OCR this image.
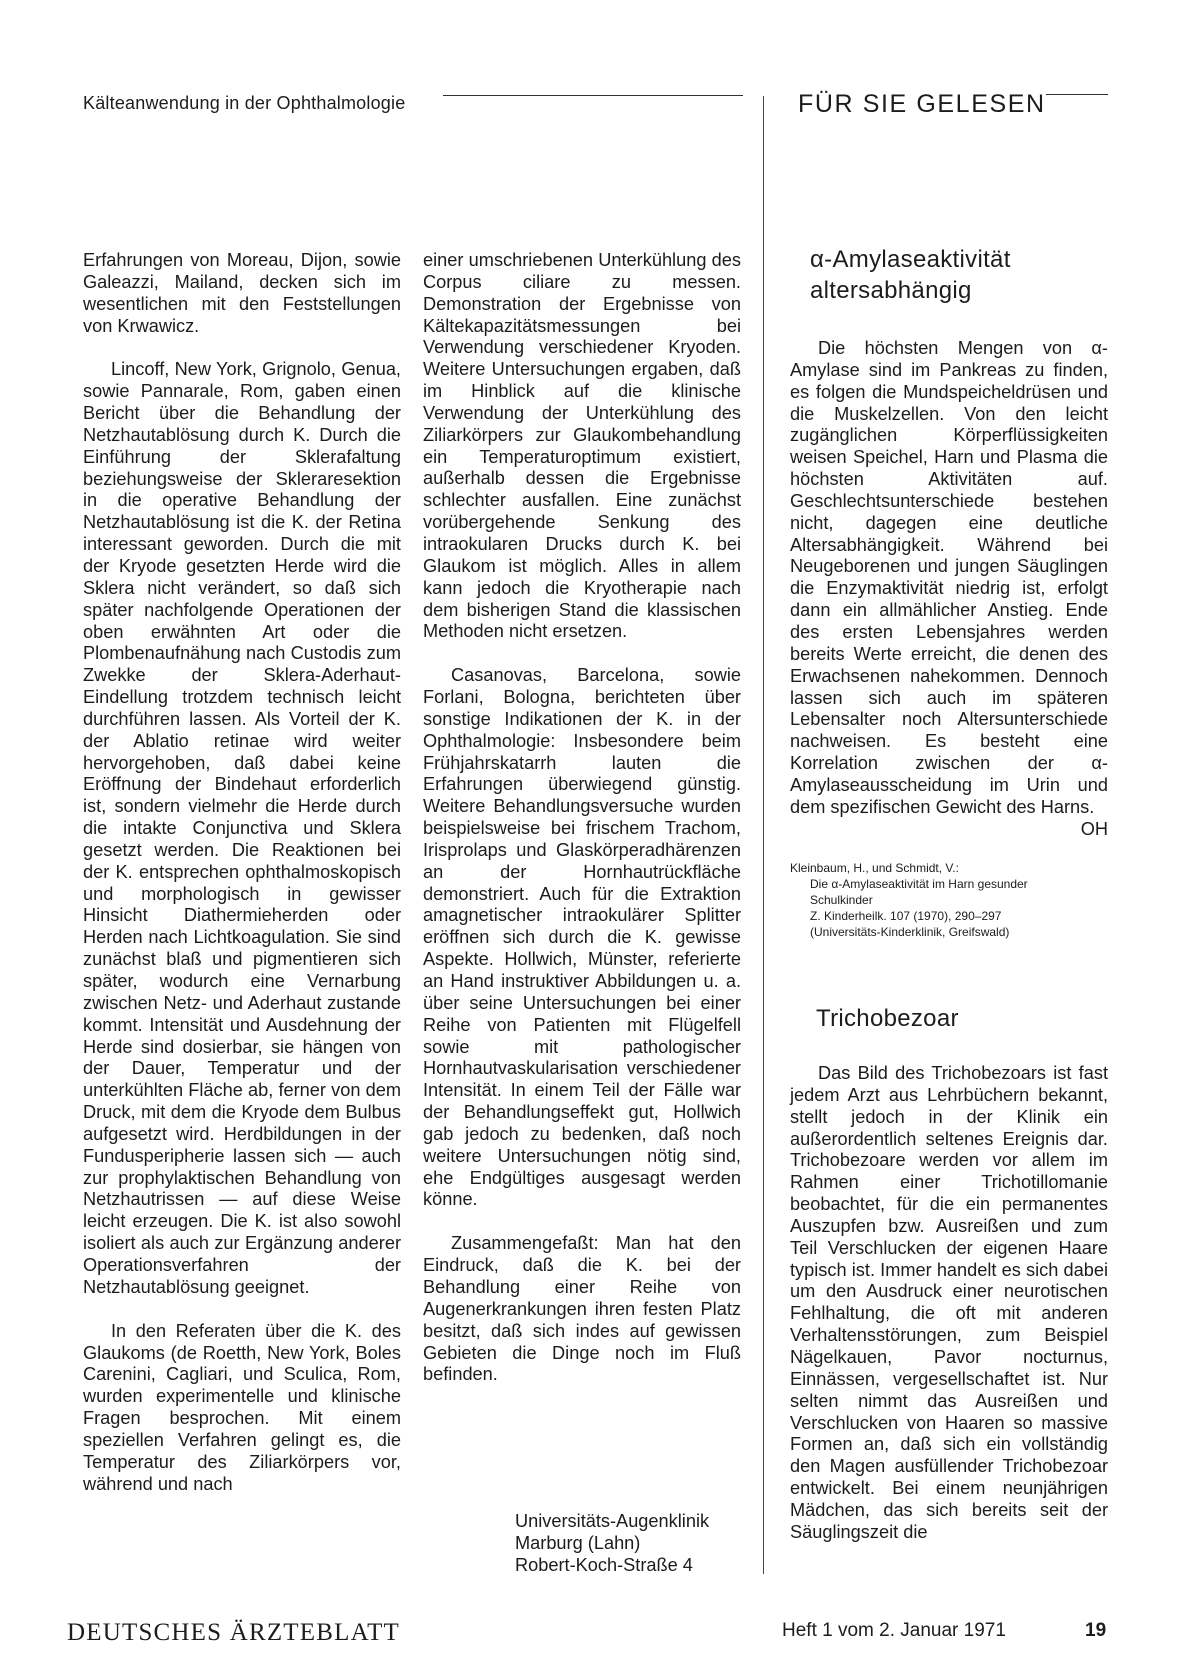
Kälteanwendung in der Ophthalmologie	FÜR SIE GELESEN

Erfahrungen von Moreau, Dijon, sowie Galeazzi, Mailand, decken sich im wesentlichen mit den Feststellungen von Krwawicz.

Lincoff, New York, Grignolo, Genua, sowie Pannarale, Rom, gaben einen Bericht über die Behandlung der Netzhautablösung durch K. Durch die Einführung der Sklerafaltung beziehungsweise der Skleraresektion in die operative Behandlung der Netzhautablösung ist die K. der Retina interessant geworden. Durch die mit der Kryode gesetzten Herde wird die Sklera nicht verändert, so daß sich später nachfolgende Operationen der oben erwähnten Art oder die Plombenaufnähung nach Custodis zum Zwekke der Sklera-Aderhaut-Eindellung trotzdem technisch leicht durchführen lassen. Als Vorteil der K. der Ablatio retinae wird weiter hervorgehoben, daß dabei keine Eröffnung der Bindehaut erforderlich ist, sondern vielmehr die Herde durch die intakte Conjunctiva und Sklera gesetzt werden. Die Reaktionen bei der K. entsprechen ophthalmoskopisch und morphologisch in gewisser Hinsicht Diathermieherden oder Herden nach Lichtkoagulation. Sie sind zunächst blaß und pigmentieren sich später, wodurch eine Vernarbung zwischen Netz- und Aderhaut zustande kommt. Intensität und Ausdehnung der Herde sind dosierbar, sie hängen von der Dauer, Temperatur und der unterkühlten Fläche ab, ferner von dem Druck, mit dem die Kryode dem Bulbus aufgesetzt wird. Herdbildungen in der Fundusperipherie lassen sich — auch zur prophylaktischen Behandlung von Netzhautrissen — auf diese Weise leicht erzeugen. Die K. ist also sowohl isoliert als auch zur Ergänzung anderer Operationsverfahren der Netzhautablösung geeignet.

In den Referaten über die K. des Glaukoms (de Roetth, New York, Boles Carenini, Cagliari, und Sculica, Rom, wurden experimentelle und klinische Fragen besprochen. Mit einem speziellen Verfahren gelingt es, die Temperatur des Ziliarkörpers vor, während und nach

einer umschriebenen Unterkühlung des Corpus ciliare zu messen. Demonstration der Ergebnisse von Kältekapazitätsmessungen bei Verwendung verschiedener Kryoden. Weitere Untersuchungen ergaben, daß im Hinblick auf die klinische Verwendung der Unterkühlung des Ziliarkörpers zur Glaukombehandlung ein Temperaturoptimum existiert, außerhalb dessen die Ergebnisse schlechter ausfallen. Eine zunächst vorübergehende Senkung des intraokularen Drucks durch K. bei Glaukom ist möglich. Alles in allem kann jedoch die Kryotherapie nach dem bisherigen Stand die klassischen Methoden nicht ersetzen.

Casanovas, Barcelona, sowie Forlani, Bologna, berichteten über sonstige Indikationen der K. in der Ophthalmologie: Insbesondere beim Frühjahrskatarrh lauten die Erfahrungen überwiegend günstig. Weitere Behandlungsversuche wurden beispielsweise bei frischem Trachom, Irisprolaps und Glaskörperadhärenzen an der Hornhautrückfläche demonstriert. Auch für die Extraktion amagnetischer intraokulärer Splitter eröffnen sich durch die K. gewisse Aspekte. Hollwich, Münster, referierte an Hand instruktiver Abbildungen u. a. über seine Untersuchungen bei einer Reihe von Patienten mit Flügelfell sowie mit pathologischer Hornhautvaskularisation verschiedener Intensität. In einem Teil der Fälle war der Behandlungseffekt gut, Hollwich gab jedoch zu bedenken, daß noch weitere Untersuchungen nötig sind, ehe Endgültiges ausgesagt werden könne.

Zusammengefaßt: Man hat den Eindruck, daß die K. bei der Behandlung einer Reihe von Augenerkrankungen ihren festen Platz besitzt, daß sich indes auf gewissen Gebieten die Dinge noch im Fluß befinden.

Universitäts-Augenklinik
Marburg (Lahn)
Robert-Koch-Straße 4
α-Amylaseaktivität
altersabhängig

Die höchsten Mengen von α-Amylase sind im Pankreas zu finden, es folgen die Mundspeicheldrüsen und die Muskelzellen. Von den leicht zugänglichen Körperflüssigkeiten weisen Speichel, Harn und Plasma die höchsten Aktivitäten auf. Geschlechtsunterschiede bestehen nicht, dagegen eine deutliche Altersabhängigkeit. Während bei Neugeborenen und jungen Säuglingen die Enzymaktivität niedrig ist, erfolgt dann ein allmählicher Anstieg. Ende des ersten Lebensjahres werden bereits Werte erreicht, die denen des Erwachsenen nahekommen. Dennoch lassen sich auch im späteren Lebensalter noch Altersunterschiede nachweisen. Es besteht eine Korrelation zwischen der α-Amylaseausscheidung im Urin und dem spezifischen Gewicht des Harns.
OH

Kleinbaum, H., und Schmidt, V.:
Die α-Amylaseaktivität im Harn gesunder
Schulkinder
Z. Kinderheilk. 107 (1970), 290–297
(Universitäts-Kinderklinik, Greifswald)
Trichobezoar

Das Bild des Trichobezoars ist fast jedem Arzt aus Lehrbüchern bekannt, stellt jedoch in der Klinik ein außerordentlich seltenes Ereignis dar. Trichobezoare werden vor allem im Rahmen einer Trichotillomanie beobachtet, für die ein permanentes Auszupfen bzw. Ausreißen und zum Teil Verschlucken der eigenen Haare typisch ist. Immer handelt es sich dabei um den Ausdruck einer neurotischen Fehlhaltung, die oft mit anderen Verhaltensstörungen, zum Beispiel Nägelkauen, Pavor nocturnus, Einnässen, vergesellschaftet ist. Nur selten nimmt das Ausreißen und Verschlucken von Haaren so massive Formen an, daß sich ein vollständig den Magen ausfüllender Trichobezoar entwickelt. Bei einem neunjährigen Mädchen, das sich bereits seit der Säuglingszeit die

DEUTSCHES ÄRZTEBLATT	Heft 1 vom 2. Januar 1971	19
